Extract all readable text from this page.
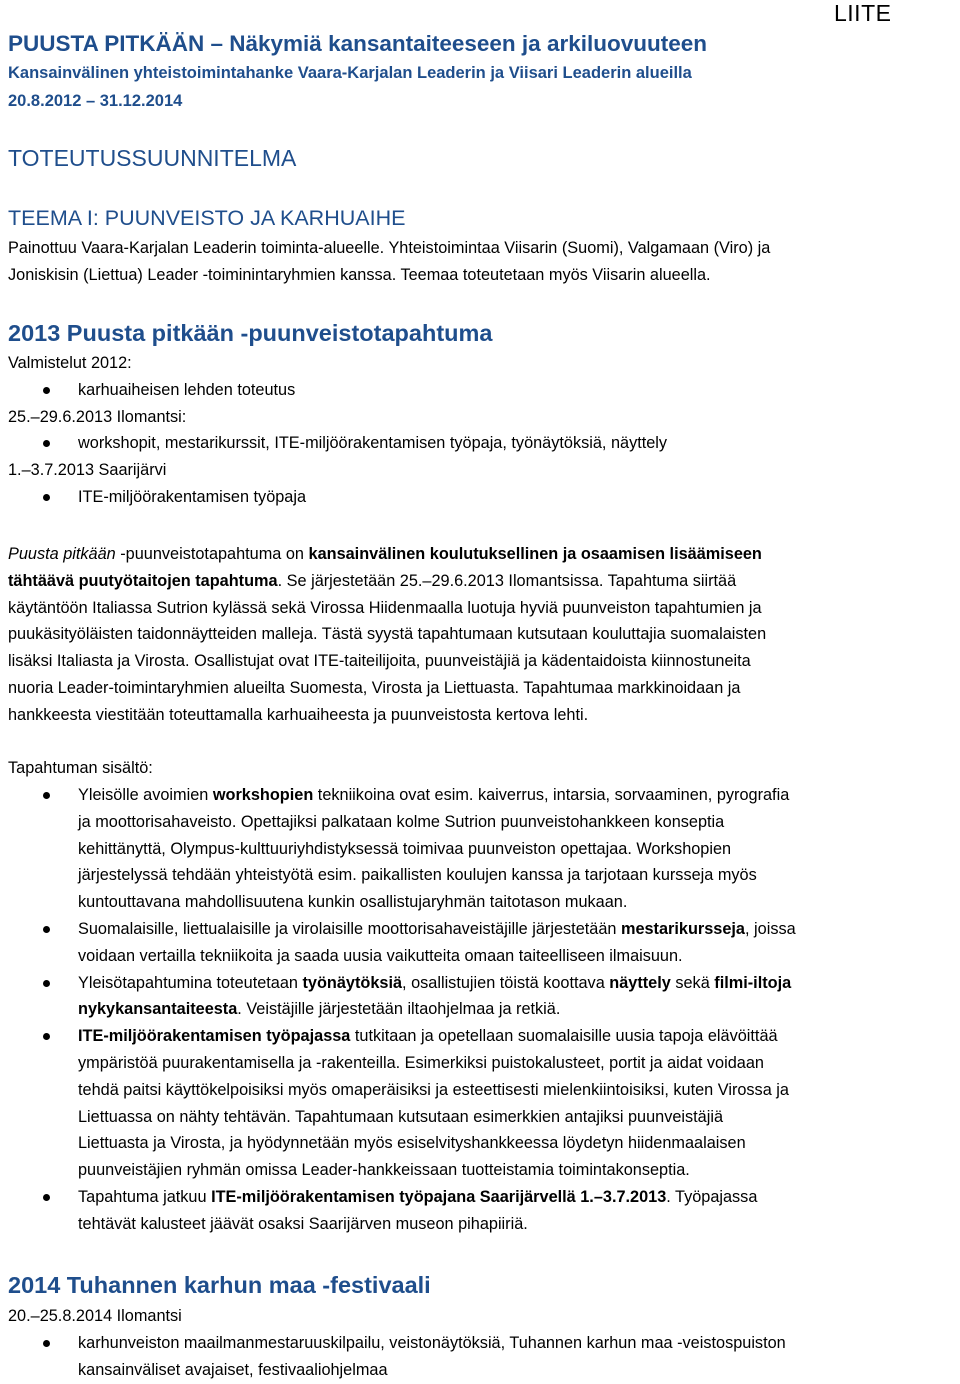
LIITE
PUUSTA PITKÄÄN – Näkymiä kansantaiteeseen ja arkiluovuuteen
Kansainvälinen yhteistoimintahanke Vaara-Karjalan Leaderin ja Viisari Leaderin alueilla
20.8.2012 – 31.12.2014
TOTEUTUSSUUNNITELMA
TEEMA I: PUUNVEISTO JA KARHUAIHE
Painottuu Vaara-Karjalan Leaderin toiminta-alueelle. Yhteistoimintaa Viisarin (Suomi), Valgamaan (Viro) ja
Joniskisin (Liettua) Leader -toiminintaryhmien kanssa. Teemaa toteutetaan myös Viisarin alueella.
2013 Puusta pitkään -puunveistotapahtuma
Valmistelut 2012:
karhuaiheisen lehden toteutus
25.–29.6.2013 Ilomantsi:
workshopit, mestarikurssit, ITE-miljöörakentamisen työpaja, työnäytöksiä, näyttely
1.–3.7.2013 Saarijärvi
ITE-miljöörakentamisen työpaja
Puusta pitkään -puunveistotapahtuma on kansainvälinen koulutuksellinen ja osaamisen lisäämiseen
tähtäävä puutyötaitojen tapahtuma. Se järjestetään 25.–29.6.2013 Ilomantsissa. Tapahtuma siirtää
käytäntöön Italiassa Sutrion kylässä sekä Virossa Hiidenmaalla luotuja hyviä puunveiston tapahtumien ja
puukäsityöläisten taidonnäytteiden malleja. Tästä syystä tapahtumaan kutsutaan kouluttajia suomalaisten
lisäksi Italiasta ja Virosta. Osallistujat ovat ITE-taiteilijoita, puunveistäjiä ja kädentaidoista kiinnostuneita
nuoria Leader-toimintaryhmien alueilta Suomesta, Virosta ja Liettuasta. Tapahtumaa markkinoidaan ja
hankkeesta viestitään toteuttamalla karhuaiheesta ja puunveistosta kertova lehti.
Tapahtuman sisältö:
Yleisölle avoimien workshopien tekniikoina ovat esim. kaiverrus, intarsia, sorvaaminen, pyrografia
ja moottorisahaveisto. Opettajiksi palkataan kolme Sutrion puunveistohankkeen konseptia
kehittänyttä, Olympus-kulttuuriyhdistyksessä toimivaa puunveiston opettajaa. Workshopien
järjestelyssä tehdään yhteistyötä esim. paikallisten koulujen kanssa ja tarjotaan kursseja myös
kuntouttavana mahdollisuutena kunkin osallistujaryhmän taitotason mukaan.
Suomalaisille, liettualaisille ja virolaisille moottorisahaveistäjille järjestetään mestarikursseja, joissa
voidaan vertailla tekniikoita ja saada uusia vaikutteita omaan taiteelliseen ilmaisuun.
Yleisötapahtumina toteutetaan työnäytöksiä, osallistujien töistä koottava näyttely sekä filmi-iltoja
nykykansantaiteesta. Veistäjille järjestetään iltaohjelmaa ja retkiä.
ITE-miljöörakentamisen työpajassa tutkitaan ja opetellaan suomalaisille uusia tapoja elävöittää
ympäristöä puurakentamisella ja -rakenteilla. Esimerkiksi puistokalusteet, portit ja aidat voidaan
tehdä paitsi käyttökelpoisiksi myös omaperäisiksi ja esteettisesti mielenkiintoisiksi, kuten Virossa ja
Liettuassa on nähty tehtävän. Tapahtumaan kutsutaan esimerkkien antajiksi puunveistäjiä
Liettuasta ja Virosta, ja hyödynnetään myös esiselvityshankkeessa löydetyn hiidenmaalaisen
puunveistäjien ryhmän omissa Leader-hankkeissaan tuotteistamia toimintakonseptia.
Tapahtuma jatkuu ITE-miljöörakentamisen työpajana Saarijärvellä 1.–3.7.2013. Työpajassa
tehtävät kalusteet jäävät osaksi Saarijärven museon pihapiiriä.
2014 Tuhannen karhun maa -festivaali
20.–25.8.2014 Ilomantsi
karhunveiston maailmanmestaruuskilpailu, veistonäytöksiä, Tuhannen karhun maa -veistospuiston
kansainväliset avajaiset, festivaaliohjelmaa
